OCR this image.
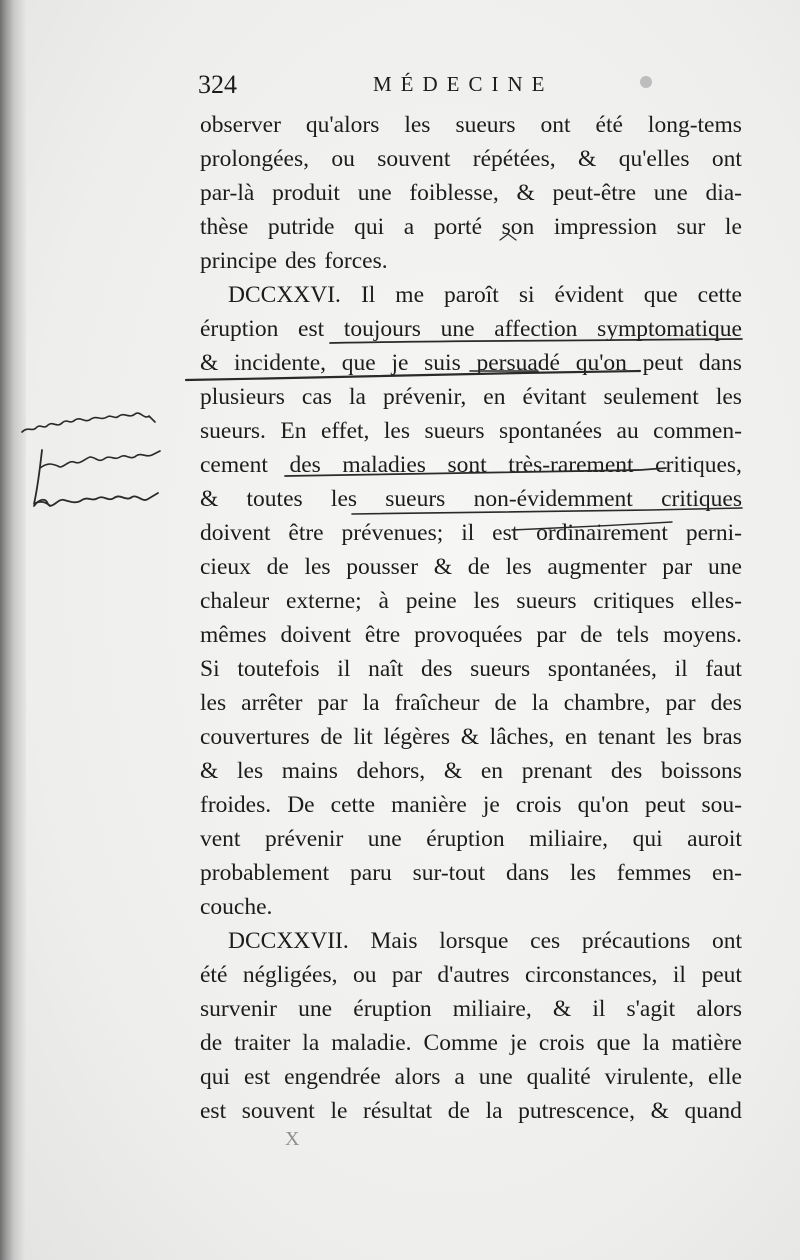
324	MÉDECINE
observer qu'alors les sueurs ont été long-tems
prolongées, ou souvent répétées, & qu'elles ont
par-là produit une foiblesse, & peut-être une dia-
thèse putride qui a porté son impression sur le
principe des forces.
DCCXXVI. Il me paroît si évident que cette
éruption est toujours une affection symptomatique
& incidente, que je suis persuadé qu'on peut dans
plusieurs cas la prévenir, en évitant seulement les
sueurs. En effet, les sueurs spontanées au commen-
cement des maladies sont très-rarement critiques,
& toutes les sueurs non-évidemment critiques
doivent être prévenues; il est ordinairement perni-
cieux de les pousser & de les augmenter par une
chaleur externe; à peine les sueurs critiques elles-
mêmes doivent être provoquées par de tels moyens.
Si toutefois il naît des sueurs spontanées, il faut
les arrêter par la fraîcheur de la chambre, par des
couvertures de lit légères & lâches, en tenant les bras
& les mains dehors, & en prenant des boissons
froides. De cette manière je crois qu'on peut sou-
vent prévenir une éruption miliaire, qui auroit
probablement paru sur-tout dans les femmes en-
couche.
DCCXXVII. Mais lorsque ces précautions ont
été négligées, ou par d'autres circonstances, il peut
survenir une éruption miliaire, & il s'agit alors
de traiter la maladie. Comme je crois que la matière
qui est engendrée alors a une qualité virulente, elle
est souvent le résultat de la putrescence, & quand
X
